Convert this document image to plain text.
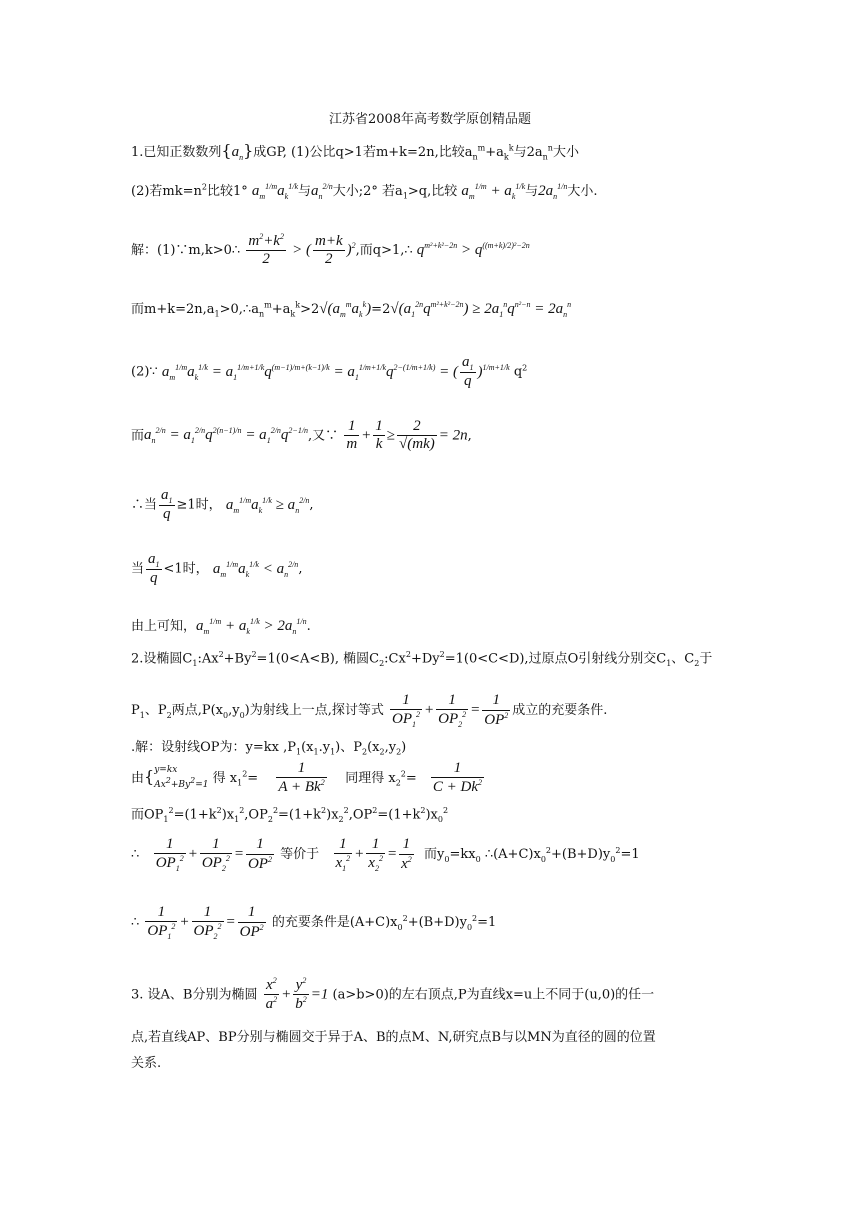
江苏省2008年高考数学原创精品题
1.已知正数数列$\{a_n\}$成GP, (1)公比q>1若m+k=2n,比较$a_n^m+a_k^k$与$2a_n^n$大小
(2)若$mk=n^2$比较1° $a_m^{1/m}a_k^{1/k}$与$a_n^{2/n}$大小;2° 若$a_1>q$,比较 $a_m^{1/m} + a_k^{1/k}$与$2a_n^{1/n}$大小.
解：(1)∵m,k>0∴ $\frac{m^2+k^2}{2}$ > ( $\frac{m+k}{2} )^2$,而q>1,∴ $q^{m^2+k^2-2n} > q^{((m+k)/2)^2-2n}$
而$m+k=2n,a_1>0,\therefore a_n^m+a_k^k>2√(a_m^ma_k^k)=2√(a_1^{2n}q^{m^2+k^2-2n}) \ge 2a_1^nq^{n^2-n} = 2a_n^n$
(2)∵ $a_m^{1/m}a_k^{1/k} = a_1^{1/m+1/k}q^{(m-1)/m+(k-1)/k} = a_1^{1/m+1/k}q^{2-(1/m+1/k)}$ = ( $\frac{a_1}{q} )^{1/m+1/k}$ $q^2$
而$a_n^{2/n} = a_1^{2/n}q^{2(n-1)/n} = a_1^{2/n}q^{2-1/n}$,又∵ $\frac{1}{m} + \frac{1}{k} \ge \frac{2}{√(mk)} = 2n$,
∴当 $\frac{a_1}{q} \ge 1$时， $a_m^{1/m}a_k^{1/k} \ge a_n^{2/n}$,
当 $\frac{a_1}{q} <1$时， $a_m^{1/m}a_k^{1/k} < a_n^{2/n}$,
由上可知，$a_m^{1/m} + a_k^{1/k} > 2a_n^{1/n}$.
2.设椭圆$C_1:Ax^2+By^2=1(0<A<B)$, 椭圆$C_2:Cx^2+Dy^2=1(0<C<D)$,过原点O引射线分别交$C_1$、$C_2$于
$P_1$、$P_2$两点$,P(x_0,y_0)$为射线上一点,探讨等式 $\frac{1}{OP_1^2} + \frac{1}{OP_2^2} = \frac{1}{OP^2}$ 成立的充要条件.
.解：设射线OP为：y=kx $,P_1(x_1.y_1)$、$P_2(x_2,y_2)$
由{y=kx
$Ax^2+By^2=1$ 得 $x_1^2= \frac{1}{A + Bk^2}$ 同理得 $x_2^2= \frac{1}{C + Dk^2}$
而$OP_1^2=(1+k^2)x_1^2,OP_2^2=(1+k^2)x_2^2,OP^2=(1+k^2)x_0^2$
∴ $\frac{1}{OP_1^2} + \frac{1}{OP_2^2} = \frac{1}{OP^2}$ 等价于 $\frac{1}{x_1^2} + \frac{1}{x_2^2} = \frac{1}{x^2}$ 而$y_0=kx_0$ $\therefore(A+C)x_0^2+(B+D)y_0^2=1$
∴ $\frac{1}{OP_1^2} + \frac{1}{OP_2^2} = \frac{1}{OP^2}$ 的充要条件是$(A+C)x_0^2+(B+D)y_0^2=1$
3. 设A、B分别为椭圆 $\frac{x^2}{a^2} + \frac{y^2}{b^2} =1$ (a>b>0)的左右顶点,P为直线x=u上不同于(u,0)的任一
点,若直线AP、BP分别与椭圆交于异于A、B的点M、N,研究点B与以MN为直径的圆的位置
关系.
